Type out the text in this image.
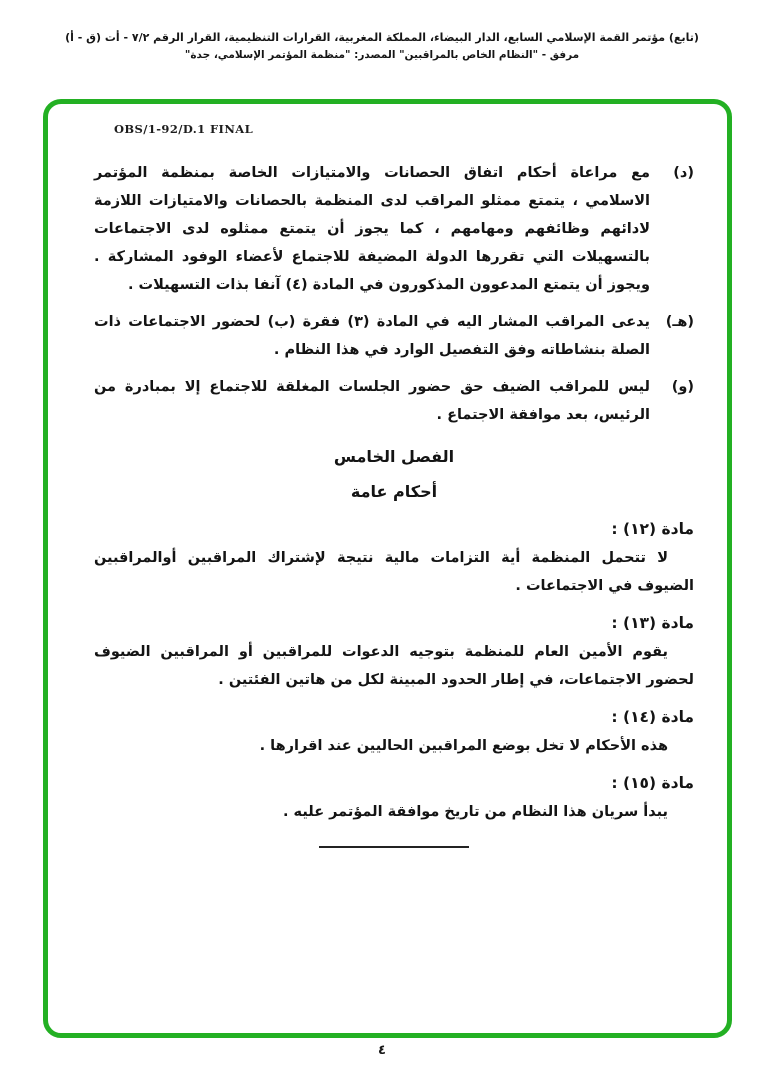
(تابع) مؤتمر القمة الإسلامي السابع، الدار البيضاء، المملكة المغربية، القرارات التنظيمية، القرار الرقم ٧/٢ - أت (ق - أ)
مرفق - "النظام الخاص بالمراقبين" المصدر: "منظمة المؤتمر الإسلامي، جدة"
OBS/1-92/D.1 FINAL
(د)

مع مراعاة أحكام اتفاق الحصانات والامتيازات الخاصة بمنظمة المؤتمر الاسلامي ، يتمتع ممثلو المراقب لدى المنظمة بالحصانات والامتيازات اللازمة لادائهم وظائفهم ومهامهم ، كما يجوز أن يتمتع ممثلوه لدى الاجتماعات بالتسهيلات التي تقررها الدولة المضيفة للاجتماع لأعضاء الوفود المشاركة . ويجوز أن يتمتع المدعوون المذكورون في المادة (٤) آنفا بذات التسهيلات .

(هـ)

يدعى المراقب المشار اليه في المادة (٣) فقرة (ب) لحضور الاجتماعات ذات الصلة بنشاطاته وفق التفصيل الوارد في هذا النظام .

(و)

ليس للمراقب الضيف حق حضور الجلسات المغلقة للاجتماع إلا بمبادرة من الرئيس، بعد موافقة الاجتماع .

الفصل الخامس
أحكام عامة
مادة (١٢) :

لا تتحمل المنظمة أية التزامات مالية نتيجة لإشتراك المراقبين أوالمراقبين الضيوف في الاجتماعات .

مادة (١٣) :

يقوم الأمين العام للمنظمة بتوجيه الدعوات للمراقبين أو المراقبين الضيوف لحضور الاجتماعات، في إطار الحدود المبينة لكل من هاتين الفئتين .

مادة (١٤) :

هذه الأحكام لا تخل بوضع المراقبين الحاليين عند اقرارها .

مادة (١٥) :

يبدأ سريان هذا النظام من تاريخ موافقة المؤتمر عليه .

٤
